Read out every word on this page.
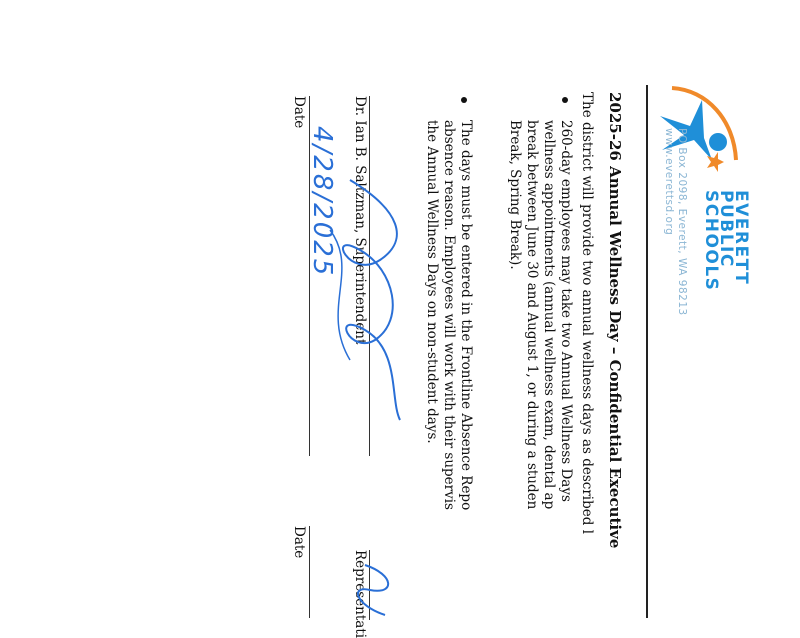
EVERETT
PUBLIC
SCHOOLS
PO Box 2098, Everett, WA 98213
www.everettsd.org
2025-26 Annual Wellness Day – Confidential Executive
The district will provide two annual wellness days as described l
260-day employees may take two Annual Wellness Days
wellness appointments (annual wellness exam, dental ap
break between June 30 and August 1, or during a studen
Break, Spring Break).
The days must be entered in the Frontline Absence Repo
absence reason. Employees will work with their supervis
the Annual Wellness Days on non-student days.
Dr. Ian B. Saltzman, Superintendent
Representati
Date
Date
4/28/2025
